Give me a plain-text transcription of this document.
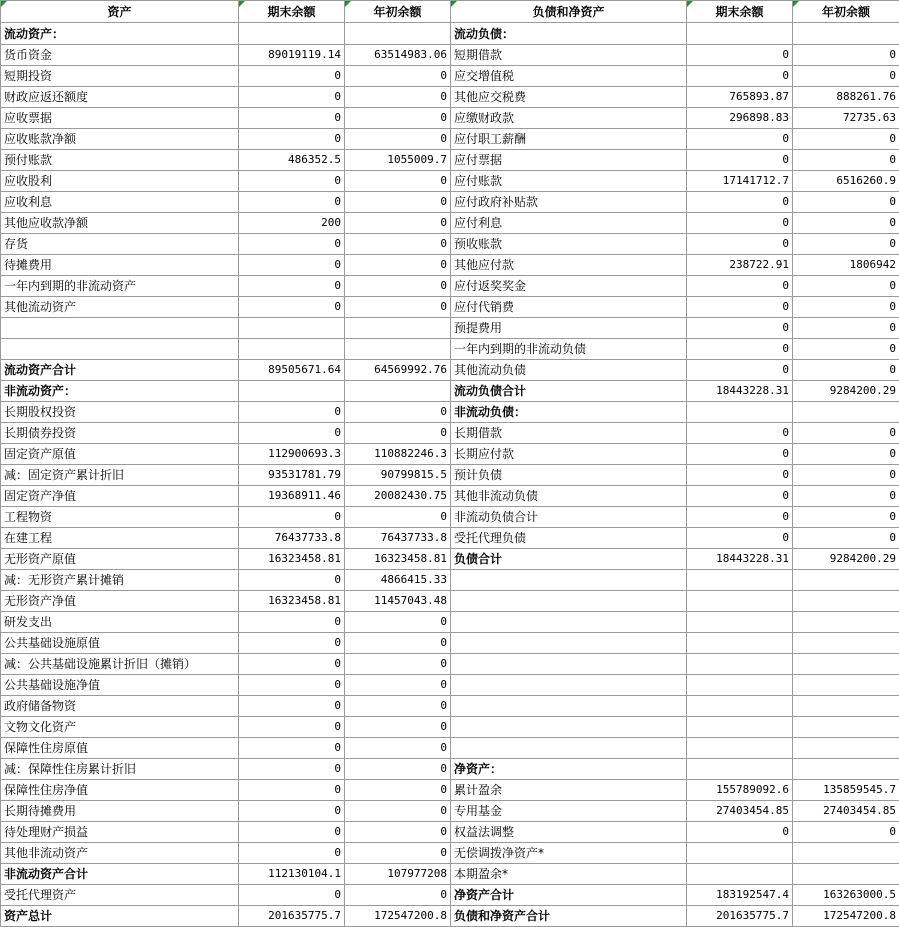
资产	期末余额	年初余额	负债和净资产	期末余额	年初余额
流动资产：			流动负债：		
货币资金	89019119.14	63514983.06	短期借款	0	0
短期投资	0	0	应交增值税	0	0
财政应返还额度	0	0	其他应交税费	765893.87	888261.76
应收票据	0	0	应缴财政款	296898.83	72735.63
应收账款净额	0	0	应付职工薪酬	0	0
预付账款	486352.5	1055009.7	应付票据	0	0
应收股利	0	0	应付账款	17141712.7	6516260.9
应收利息	0	0	应付政府补贴款	0	0
其他应收款净额	200	0	应付利息	0	0
存货	0	0	预收账款	0	0
待摊费用	0	0	其他应付款	238722.91	1806942
一年内到期的非流动资产	0	0	应付返奖奖金	0	0
其他流动资产	0	0	应付代销费	0	0
			预提费用	0	0
			一年内到期的非流动负债	0	0
流动资产合计	89505671.64	64569992.76	其他流动负债	0	0
非流动资产：			流动负债合计	18443228.31	9284200.29
长期股权投资	0	0	非流动负债：		
长期债券投资	0	0	长期借款	0	0
固定资产原值	112900693.3	110882246.3	长期应付款	0	0
减：固定资产累计折旧	93531781.79	90799815.5	预计负债	0	0
固定资产净值	19368911.46	20082430.75	其他非流动负债	0	0
工程物资	0	0	非流动负债合计	0	0
在建工程	76437733.8	76437733.8	受托代理负债	0	0
无形资产原值	16323458.81	16323458.81	负债合计	18443228.31	9284200.29
减：无形资产累计摊销	0	4866415.33			
无形资产净值	16323458.81	11457043.48			
研发支出	0	0			
公共基础设施原值	0	0			
减：公共基础设施累计折旧（摊销）	0	0			
公共基础设施净值	0	0			
政府储备物资	0	0			
文物文化资产	0	0			
保障性住房原值	0	0			
减：保障性住房累计折旧	0	0	净资产：		
保障性住房净值	0	0	累计盈余	155789092.6	135859545.7
长期待摊费用	0	0	专用基金	27403454.85	27403454.85
待处理财产损益	0	0	权益法调整	0	0
其他非流动资产	0	0	无偿调拨净资产*		
非流动资产合计	112130104.1	107977208	本期盈余*		
受托代理资产	0	0	净资产合计	183192547.4	163263000.5
资产总计	201635775.7	172547200.8	负债和净资产合计	201635775.7	172547200.8
